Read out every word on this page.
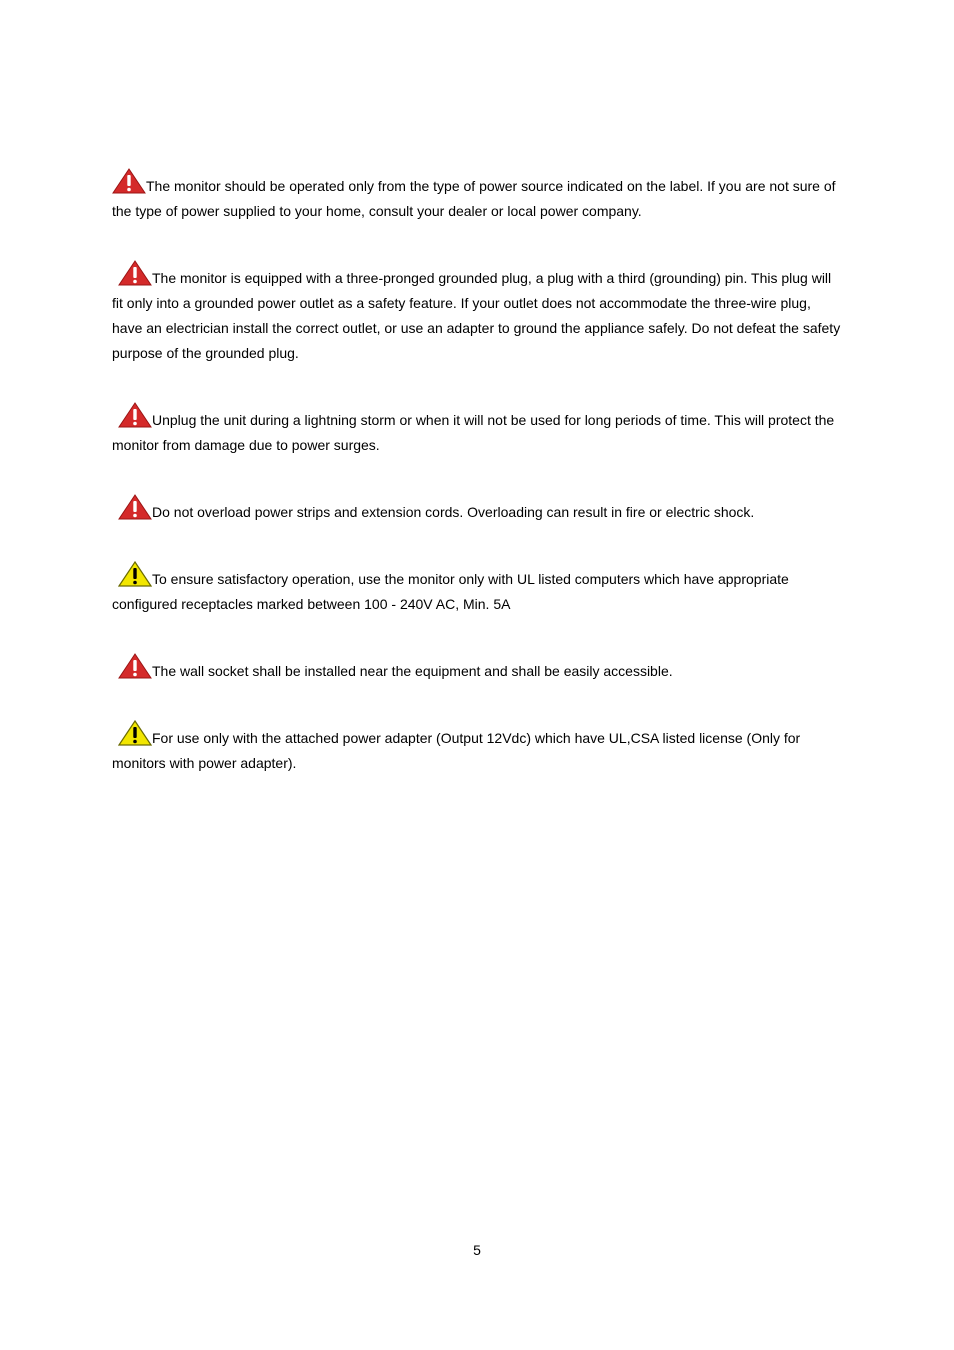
The monitor should be operated only from the type of power source indicated on the label. If you are not sure of the type of power supplied to your home, consult your dealer or local power company.

The monitor is equipped with a three-pronged grounded plug, a plug with a third (grounding) pin. This plug will fit only into a grounded power outlet as a safety feature. If your outlet does not accommodate the three-wire plug, have an electrician install the correct outlet, or use an adapter to ground the appliance safely. Do not defeat the safety purpose of the grounded plug.

Unplug the unit during a lightning storm or when it will not be used for long periods of time. This will protect the monitor from damage due to power surges.

Do not overload power strips and extension cords. Overloading can result in fire or electric shock.

To ensure satisfactory operation, use the monitor only with UL listed computers which have appropriate configured receptacles marked between 100 - 240V AC, Min. 5A

The wall socket shall be installed near the equipment and shall be easily accessible.

For use only with the attached power adapter (Output 12Vdc) which have UL,CSA listed license (Only for monitors with power adapter).

5
